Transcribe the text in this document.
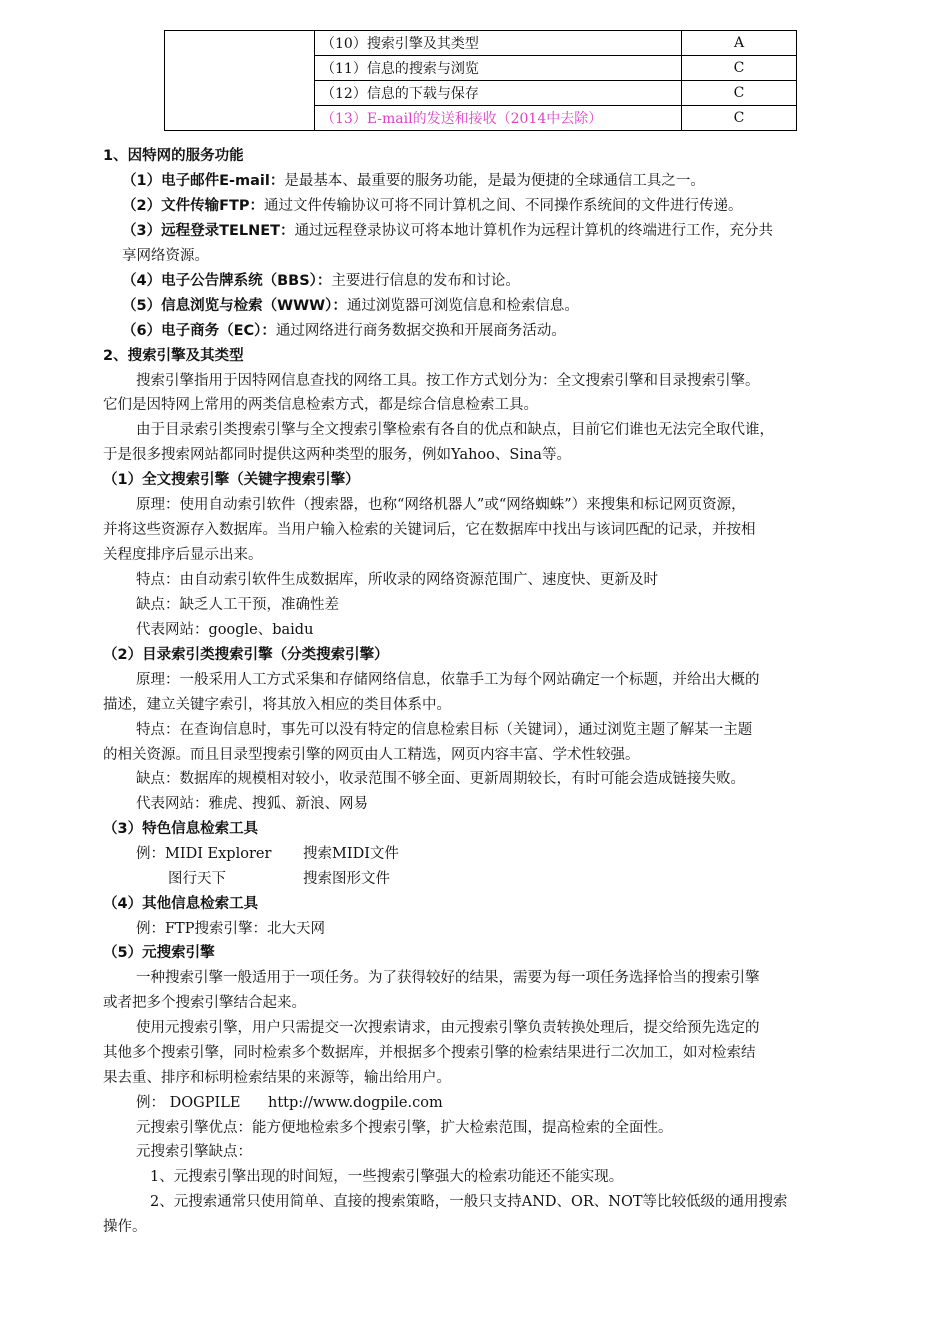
	（10）搜索引擎及其类型	A
	（11）信息的搜索与浏览	C
	（12）信息的下载与保存	C
	（13）E-mail的发送和接收（2014中去除）	C
1、因特网的服务功能
（1）电子邮件E-mail：是最基本、最重要的服务功能，是最为便捷的全球通信工具之一。
（2）文件传输FTP：通过文件传输协议可将不同计算机之间、不同操作系统间的文件进行传递。
（3）远程登录TELNET：通过远程登录协议可将本地计算机作为远程计算机的终端进行工作，充分共
享网络资源。
（4）电子公告牌系统（BBS）：主要进行信息的发布和讨论。
（5）信息浏览与检索（WWW）：通过浏览器可浏览信息和检索信息。
（6）电子商务（EC）：通过网络进行商务数据交换和开展商务活动。
2、搜索引擎及其类型
搜索引擎指用于因特网信息查找的网络工具。按工作方式划分为：全文搜索引擎和目录搜索引擎。
它们是因特网上常用的两类信息检索方式，都是综合信息检索工具。
由于目录索引类搜索引擎与全文搜索引擎检索有各自的优点和缺点，目前它们谁也无法完全取代谁，
于是很多搜索网站都同时提供这两种类型的服务，例如Yahoo、Sina等。
（1）全文搜索引擎（关键字搜索引擎）
原理：使用自动索引软件（搜索器，也称“网络机器人”或“网络蜘蛛”）来搜集和标记网页资源，
并将这些资源存入数据库。当用户输入检索的关键词后，它在数据库中找出与该词匹配的记录，并按相
关程度排序后显示出来。
特点：由自动索引软件生成数据库，所收录的网络资源范围广、速度快、更新及时
缺点：缺乏人工干预，准确性差
代表网站：google、baidu
（2）目录索引类搜索引擎（分类搜索引擎）
原理：一般采用人工方式采集和存储网络信息，依靠手工为每个网站确定一个标题，并给出大概的
描述，建立关键字索引，将其放入相应的类目体系中。
特点：在查询信息时，事先可以没有特定的信息检索目标（关键词），通过浏览主题了解某一主题
的相关资源。而且目录型搜索引擎的网页由人工精选，网页内容丰富、学术性较强。
缺点：数据库的规模相对较小，收录范围不够全面、更新周期较长，有时可能会造成链接失败。
代表网站：雅虎、搜狐、新浪、网易
（3）特色信息检索工具
例：MIDI Explorer 搜索MIDI文件
图行天下	搜索图形文件
（4）其他信息检索工具
例：FTP搜索引擎：北大天网
（5）元搜索引擎
一种搜索引擎一般适用于一项任务。为了获得较好的结果，需要为每一项任务选择恰当的搜索引擎
或者把多个搜索引擎结合起来。
使用元搜索引擎，用户只需提交一次搜索请求，由元搜索引擎负责转换处理后，提交给预先选定的
其他多个搜索引擎，同时检索多个数据库，并根据多个搜索引擎的检索结果进行二次加工，如对检索结
果去重、排序和标明检索结果的来源等，输出给用户。
例： DOGPILE http://www.dogpile.com
元搜索引擎优点：能方便地检索多个搜索引擎，扩大检索范围，提高检索的全面性。
元搜索引擎缺点：
1、元搜索引擎出现的时间短，一些搜索引擎强大的检索功能还不能实现。
2、元搜索通常只使用简单、直接的搜索策略，一般只支持AND、OR、NOT等比较低级的通用搜索
操作。
